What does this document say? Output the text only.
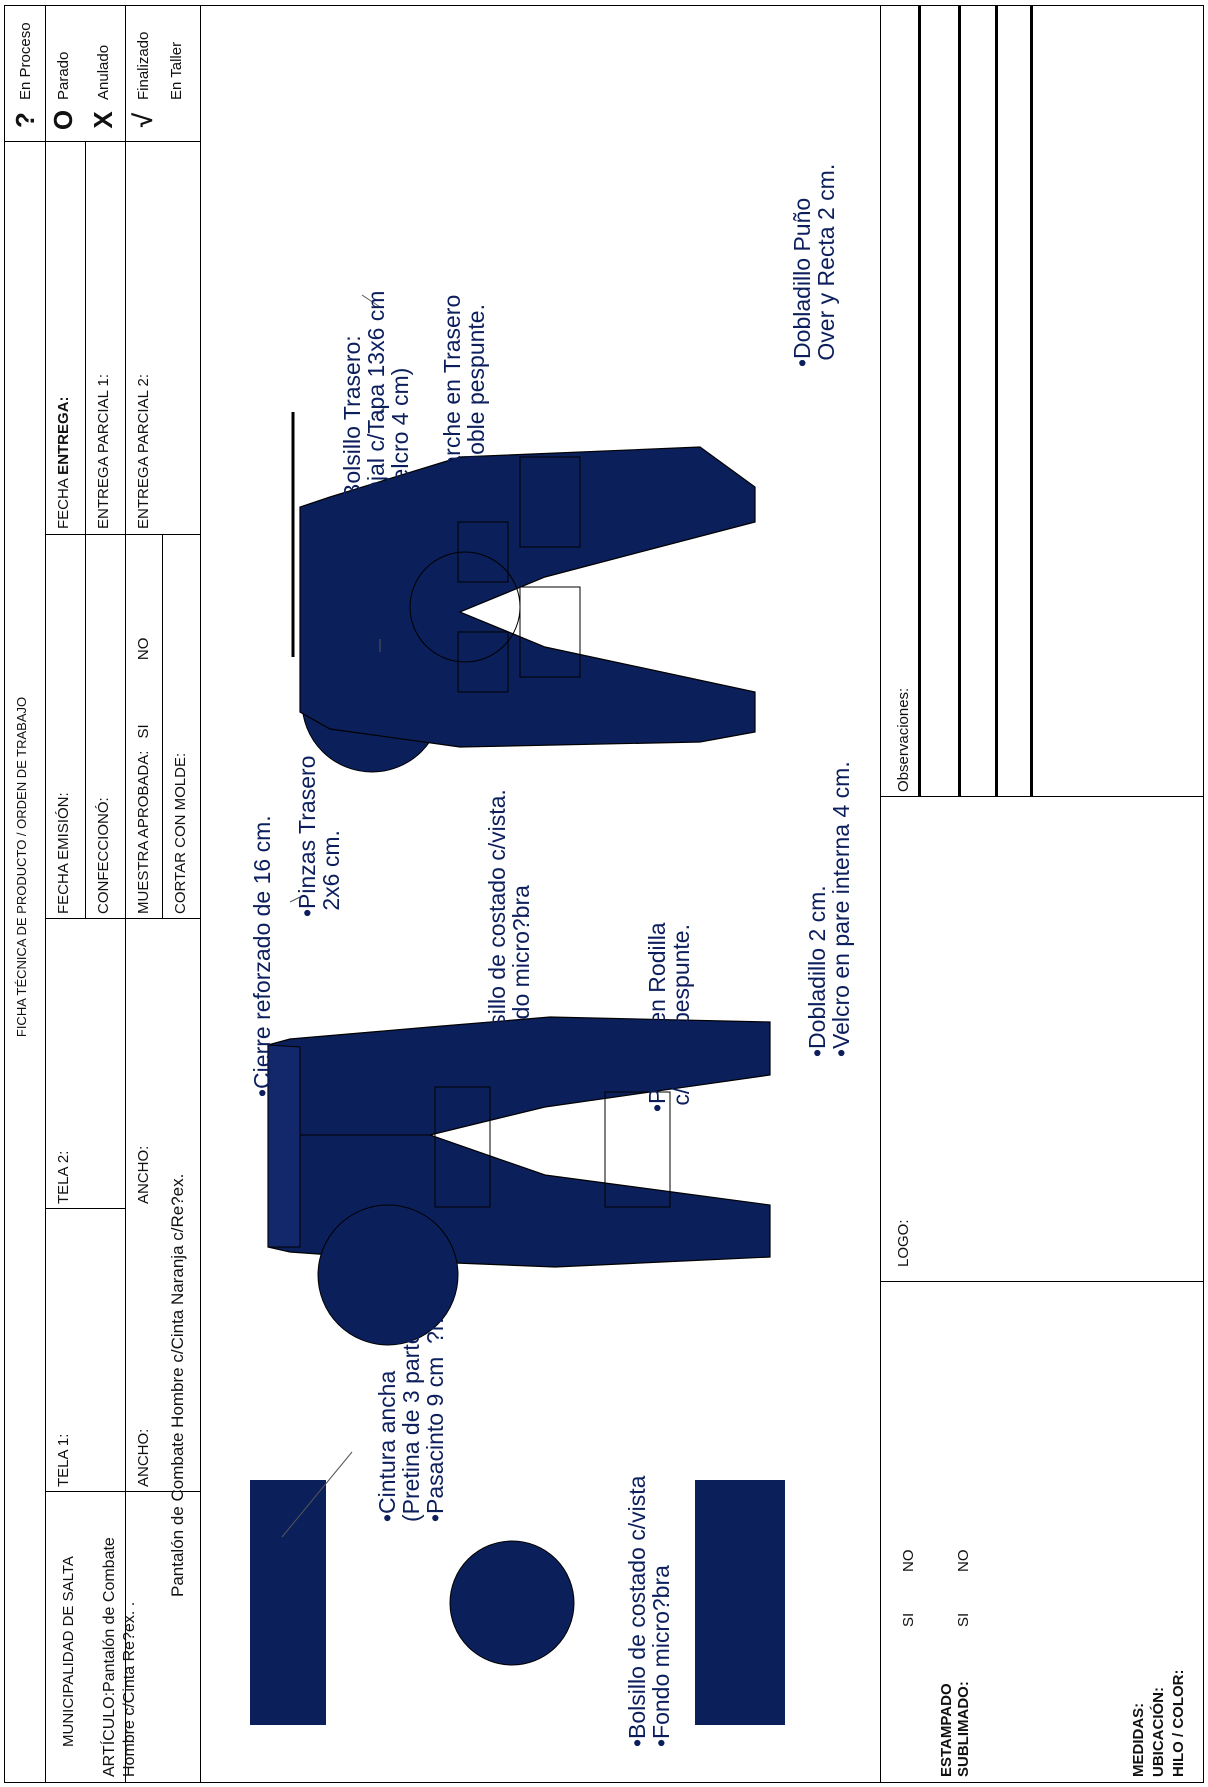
FICHA TÉCNICA DE PRODUCTO / ORDEN DE TRABAJO
MUNICIPALIDAD DE SALTA ARTÍCULO:Pantalón de Combate Hombre c/Cinta Re?ex. .
TELA 1:	ANCHO:
TELA 2:	ANCHO: Pantalón de Combate Hombre c/Cinta Naranja c/Re?ex.
FECHA EMISIÓN: CONFECCIONÓ: MUESTRA APROBADA: SI NO
CORTAR CON MOLDE:
FECHA ENTREGA: ENTREGA PARCIAL 1: ENTREGA PARCIAL 2:
?
En Proceso
O
Parado
X
Anulado
√
Finalizado En Taller
•Cintura ancha
(Pretina de 3 partes)
•Pasacinto 9 cm  ?nal.
•Bolsillo de costado c/vista
•Fondo micro?bra
•Cierre reforzado de 16 cm. •Pinzas Trasero
2x6 cm.
•Bolsillo de costado c/vista.
•Fondo micro?bra
•Parche en Rodilla
c/doble pespunte.	•Dobladillo 2 cm.
•Velcro en pare interna 4 cm.
•Bolsillo Trasero:
•Ojal c/Tapa 13x6 cm
(velcro 4 cm)
•Parche en Trasero
c/doble pespunte.	•Dobladillo Puño
Over y Recta 2 cm.
ESTAMPADO
SI
NO
SUBLIMADO:
SI
NO
MEDIDAS: UBICACIÓN: HILO / COLOR:
LOGO:
Observaciones:
